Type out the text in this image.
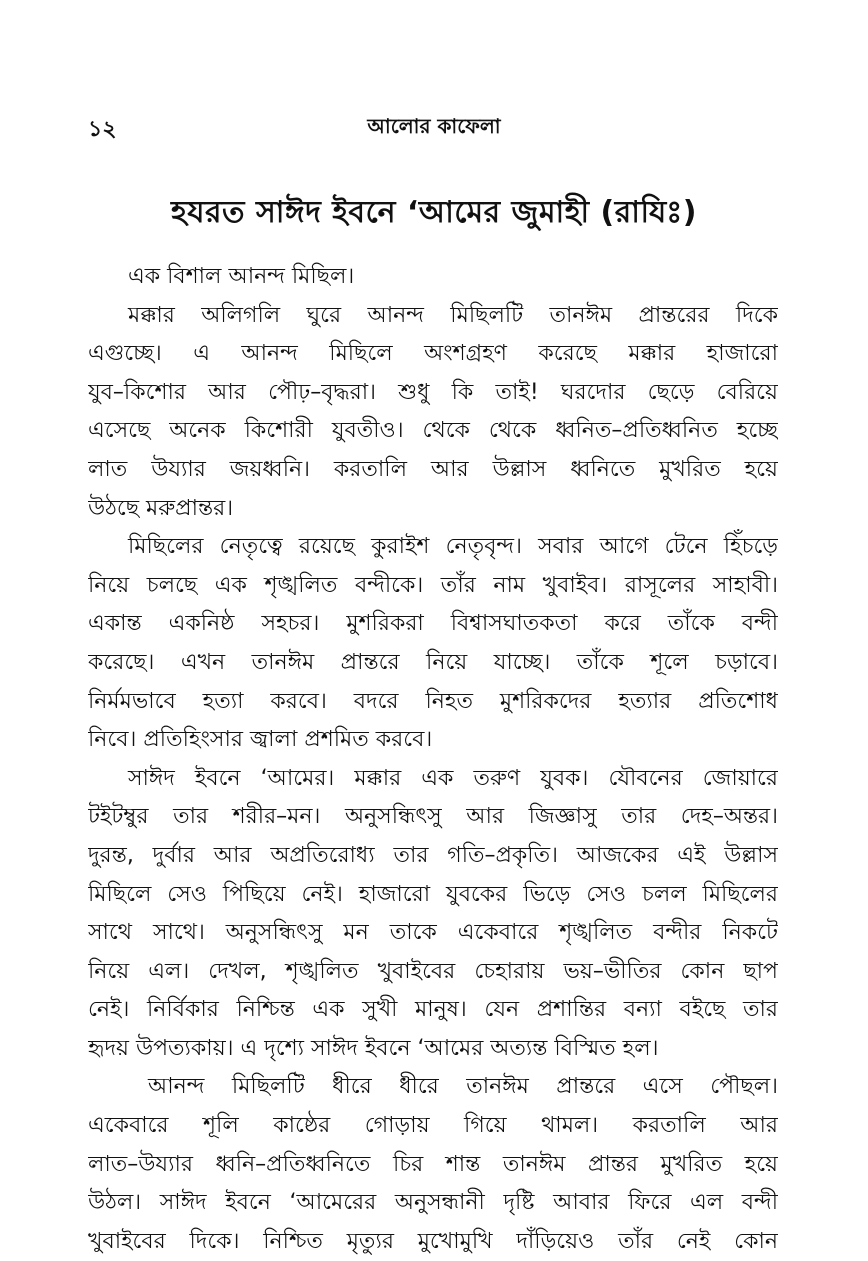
১২	আলোর কাফেলা
হযরত সাঈদ ইবনে ‘আমের জুমাহী (রাযিঃ)
এক বিশাল আনন্দ মিছিল।
মক্কার অলিগলি ঘুরে আনন্দ মিছিলটি তানঈম প্রান্তরের দিকে
এগুচ্ছে। এ আনন্দ মিছিলে অংশগ্রহণ করেছে মক্কার হাজারো
যুব–কিশোর আর পৌঢ়–বৃদ্ধরা। শুধু কি তাই! ঘরদোর ছেড়ে বেরিয়ে
এসেছে অনেক কিশোরী যুবতীও। থেকে থেকে ধ্বনিত–প্রতিধ্বনিত হচ্ছে
লাত উয্যার জয়ধ্বনি। করতালি আর উল্লাস ধ্বনিতে মুখরিত হয়ে
উঠছে মরুপ্রান্তর।
মিছিলের নেতৃত্বে রয়েছে কুরাইশ নেতৃবৃন্দ। সবার আগে টেনে হিঁচড়ে
নিয়ে চলছে এক শৃঙ্খলিত বন্দীকে। তাঁর নাম খুবাইব। রাসূলের সাহাবী।
একান্ত একনিষ্ঠ সহচর। মুশরিকরা বিশ্বাসঘাতকতা করে তাঁকে বন্দী
করেছে। এখন তানঈম প্রান্তরে নিয়ে যাচ্ছে। তাঁকে শূলে চড়াবে।
নির্মমভাবে হত্যা করবে। বদরে নিহত মুশরিকদের হত্যার প্রতিশোধ
নিবে। প্রতিহিংসার জ্বালা প্রশমিত করবে।
সাঈদ ইবনে ‘আমের। মক্কার এক তরুণ যুবক। যৌবনের জোয়ারে
টইটম্বুর তার শরীর–মন। অনুসন্ধিৎসু আর জিজ্ঞাসু তার দেহ–অন্তর।
দুরন্ত, দুর্বার আর অপ্রতিরোধ্য তার গতি–প্রকৃতি। আজকের এই উল্লাস
মিছিলে সেও পিছিয়ে নেই। হাজারো যুবকের ভিড়ে সেও চলল মিছিলের
সাথে সাথে। অনুসন্ধিৎসু মন তাকে একেবারে শৃঙ্খলিত বন্দীর নিকটে
নিয়ে এল। দেখল, শৃঙ্খলিত খুবাইবের চেহারায় ভয়–ভীতির কোন ছাপ
নেই। নির্বিকার নিশ্চিন্ত এক সুখী মানুষ। যেন প্রশান্তির বন্যা বইছে তার
হৃদয় উপত্যকায়। এ দৃশ্যে সাঈদ ইবনে ‘আমের অত্যন্ত বিস্মিত হল।
আনন্দ মিছিলটি ধীরে ধীরে তানঈম প্রান্তরে এসে পৌছল।
একেবারে শূলি কাষ্ঠের গোড়ায় গিয়ে থামল। করতালি আর
লাত–উয্যার ধ্বনি–প্রতিধ্বনিতে চির শান্ত তানঈম প্রান্তর মুখরিত হয়ে
উঠল। সাঈদ ইবনে ‘আমেরের অনুসন্ধানী দৃষ্টি আবার ফিরে এল বন্দী
খুবাইবের দিকে। নিশ্চিত মৃত্যুর মুখোমুখি দাঁড়িয়েও তাঁর নেই কোন
